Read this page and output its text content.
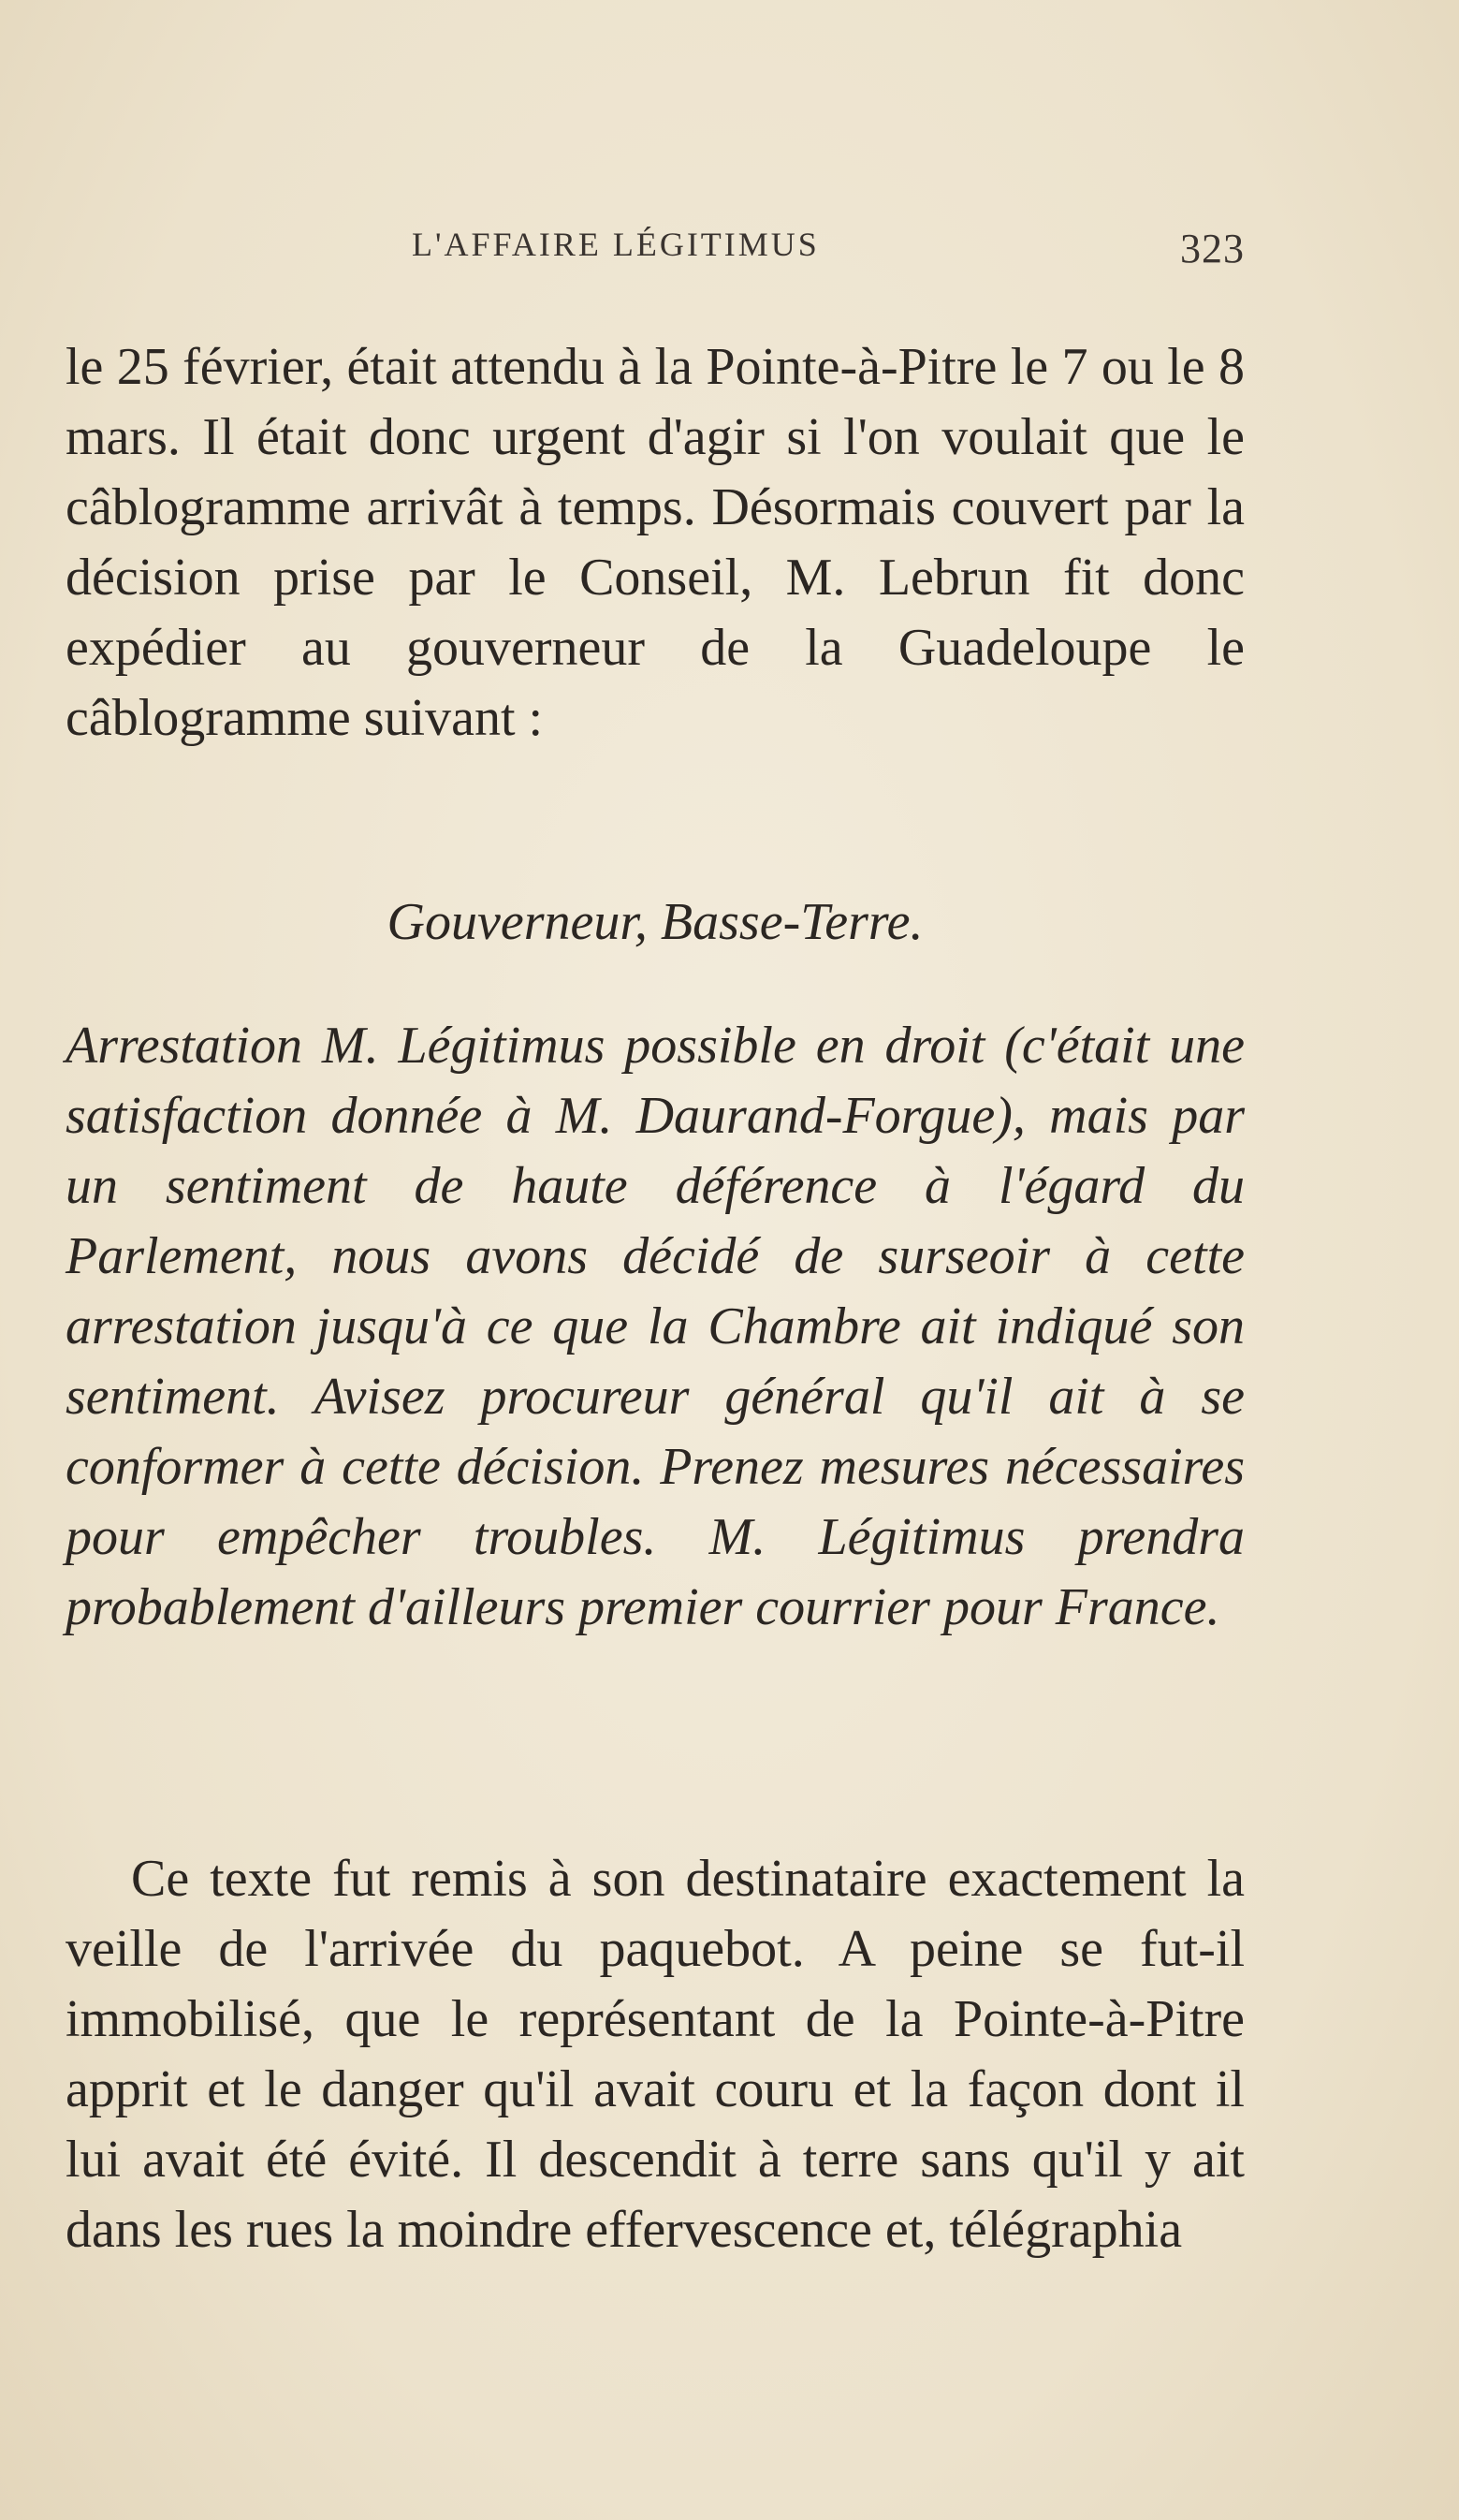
L'AFFAIRE LÉGITIMUS	323

le 25 février, était attendu à la Pointe-à-Pitre le 7 ou le 8 mars. Il était donc urgent d'agir si l'on voulait que le câblogramme arrivât à temps. Désormais couvert par la décision prise par le Conseil, M. Lebrun fit donc expédier au gouverneur de la Guadeloupe le câblogramme suivant :

Gouverneur, Basse-Terre.

Arrestation M. Légitimus possible en droit (c'était une satisfaction donnée à M. Daurand-Forgue), mais par un sentiment de haute déférence à l'égard du Parlement, nous avons décidé de surseoir à cette arrestation jusqu'à ce que la Chambre ait indiqué son sentiment. Avisez procureur général qu'il ait à se conformer à cette décision. Prenez mesures nécessaires pour empêcher troubles. M. Légitimus prendra probablement d'ailleurs premier courrier pour France.

Ce texte fut remis à son destinataire exactement la veille de l'arrivée du paquebot. A peine se fut-il immobilisé, que le représentant de la Pointe-à-Pitre apprit et le danger qu'il avait couru et la façon dont il lui avait été évité. Il descendit à terre sans qu'il y ait dans les rues la moindre effervescence et, télégraphia
